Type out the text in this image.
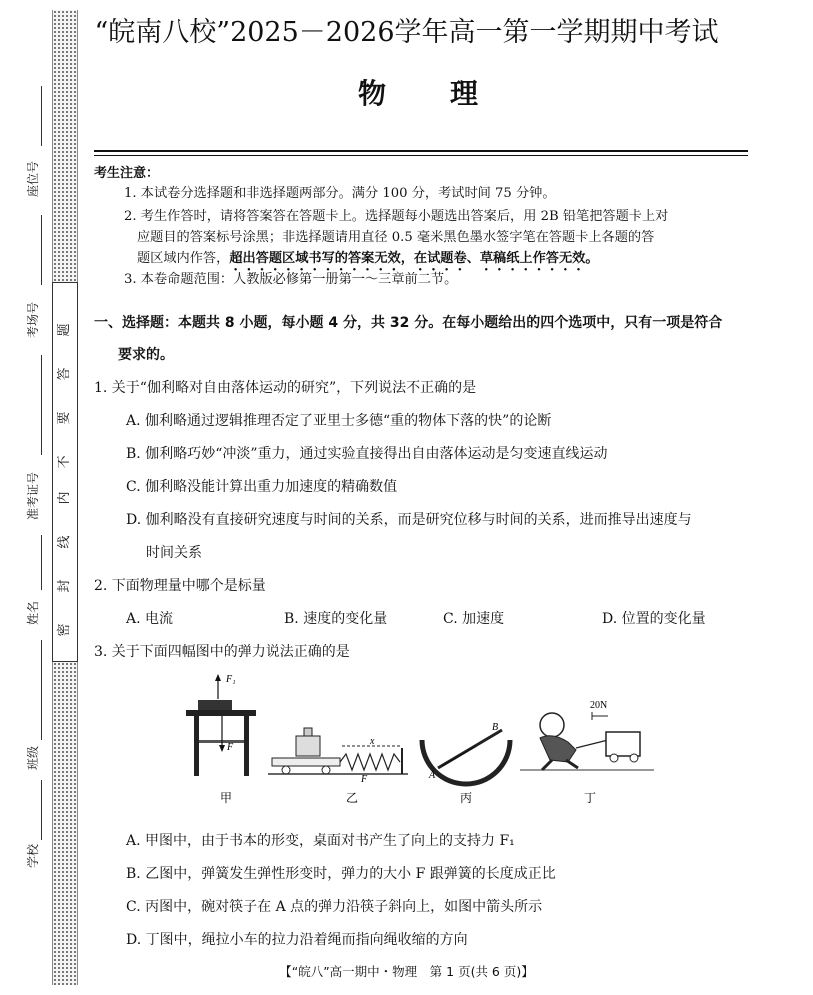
题
答
要
不
内
线
封
密
座位号
考场号
准考证号
姓名
班级
学校
“皖南八校”2025－2026学年高一第一学期期中考试
物理
考生注意：
1. 本试卷分选择题和非选择题两部分。满分 100 分，考试时间 75 分钟。
2. 考生作答时，请将答案答在答题卡上。选择题每小题选出答案后，用 2B 铅笔把答题卡上对
应题目的答案标号涂黑；非选择题请用直径 0.5 毫米黑色墨水签字笔在答题卡上各题的答
题区域内作答，超出答题区域书写的答案无效，在试题卷、草稿纸上作答无效。
3. 本卷命题范围：人教版必修第一册第一～三章前二节。
一、选择题：本题共 8 小题，每小题 4 分，共 32 分。在每小题给出的四个选项中，只有一项是符合
要求的。
1. 关于“伽利略对自由落体运动的研究”，下列说法不正确的是
A. 伽利略通过逻辑推理否定了亚里士多德“重的物体下落的快”的论断
B. 伽利略巧妙“冲淡”重力，通过实验直接得出自由落体运动是匀变速直线运动
C. 伽利略没能计算出重力加速度的精确数值
D. 伽利略没有直接研究速度与时间的关系，而是研究位移与时间的关系，进而推导出速度与
时间关系
2. 下面物理量中哪个是标量
A. 电流	B. 速度的变化量	C. 加速度	D. 位置的变化量
3. 关于下面四幅图中的弹力说法正确的是
F₁
F
x
F
B
A
20N
甲	乙	丙	丁
A. 甲图中，由于书本的形变，桌面对书产生了向上的支持力 F₁
B. 乙图中，弹簧发生弹性形变时，弹力的大小 F 跟弹簧的长度成正比
C. 丙图中，碗对筷子在 A 点的弹力沿筷子斜向上，如图中箭头所示
D. 丁图中，绳拉小车的拉力沿着绳而指向绳收缩的方向
【“皖八”高一期中・物理　第 1 页(共 6 页)】
